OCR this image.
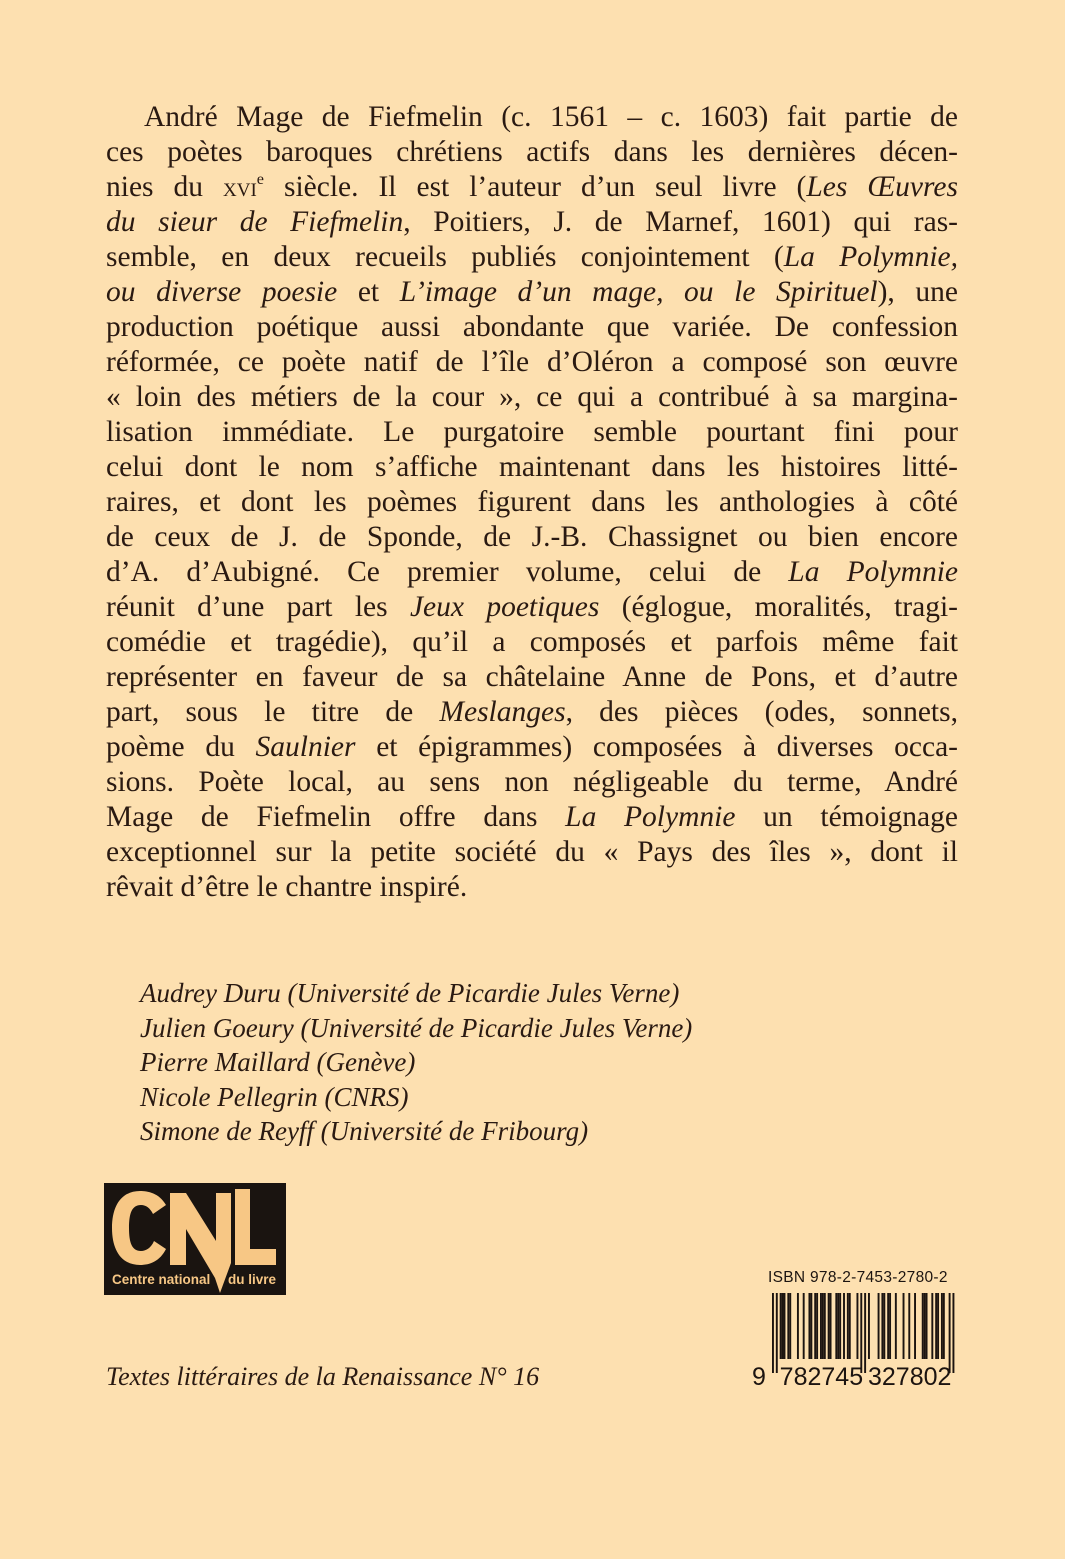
André Mage de Fiefmelin (c. 1561 – c. 1603) fait partie de
ces poètes baroques chrétiens actifs dans les dernières décen-
nies du xvi$^e$ siècle. Il est l’auteur d’un seul livre (Les Œuvres
du sieur de Fiefmelin, Poitiers, J. de Marnef, 1601) qui ras-
semble, en deux recueils publiés conjointement (La Polymnie,
ou diverse poesie et L’image d’un mage, ou le Spirituel), une
production poétique aussi abondante que variée. De confession
réformée, ce poète natif de l’île d’Oléron a composé son œuvre
« loin des métiers de la cour », ce qui a contribué à sa margina-
lisation immédiate. Le purgatoire semble pourtant fini pour
celui dont le nom s’affiche maintenant dans les histoires litté-
raires, et dont les poèmes figurent dans les anthologies à côté
de ceux de J. de Sponde, de J.-B. Chassignet ou bien encore
d’A. d’Aubigné. Ce premier volume, celui de La Polymnie
réunit d’une part les Jeux poetiques (églogue, moralités, tragi-
comédie et tragédie), qu’il a composés et parfois même fait
représenter en faveur de sa châtelaine Anne de Pons, et d’autre
part, sous le titre de Meslanges, des pièces (odes, sonnets,
poème du Saulnier et épigrammes) composées à diverses occa-
sions. Poète local, au sens non négligeable du terme, André
Mage de Fiefmelin offre dans La Polymnie un témoignage
exceptionnel sur la petite société du « Pays des îles », dont il
rêvait d’être le chantre inspiré.
Audrey Duru (Université de Picardie Jules Verne)
Julien Goeury (Université de Picardie Jules Verne)
Pierre Maillard (Genève)
Nicole Pellegrin (CNRS)
Simone de Reyff (Université de Fribourg)
Centre national du livre	ISBN 978-2-7453-2780-2
9 782745 327802
Textes littéraires de la Renaissance N° 16
